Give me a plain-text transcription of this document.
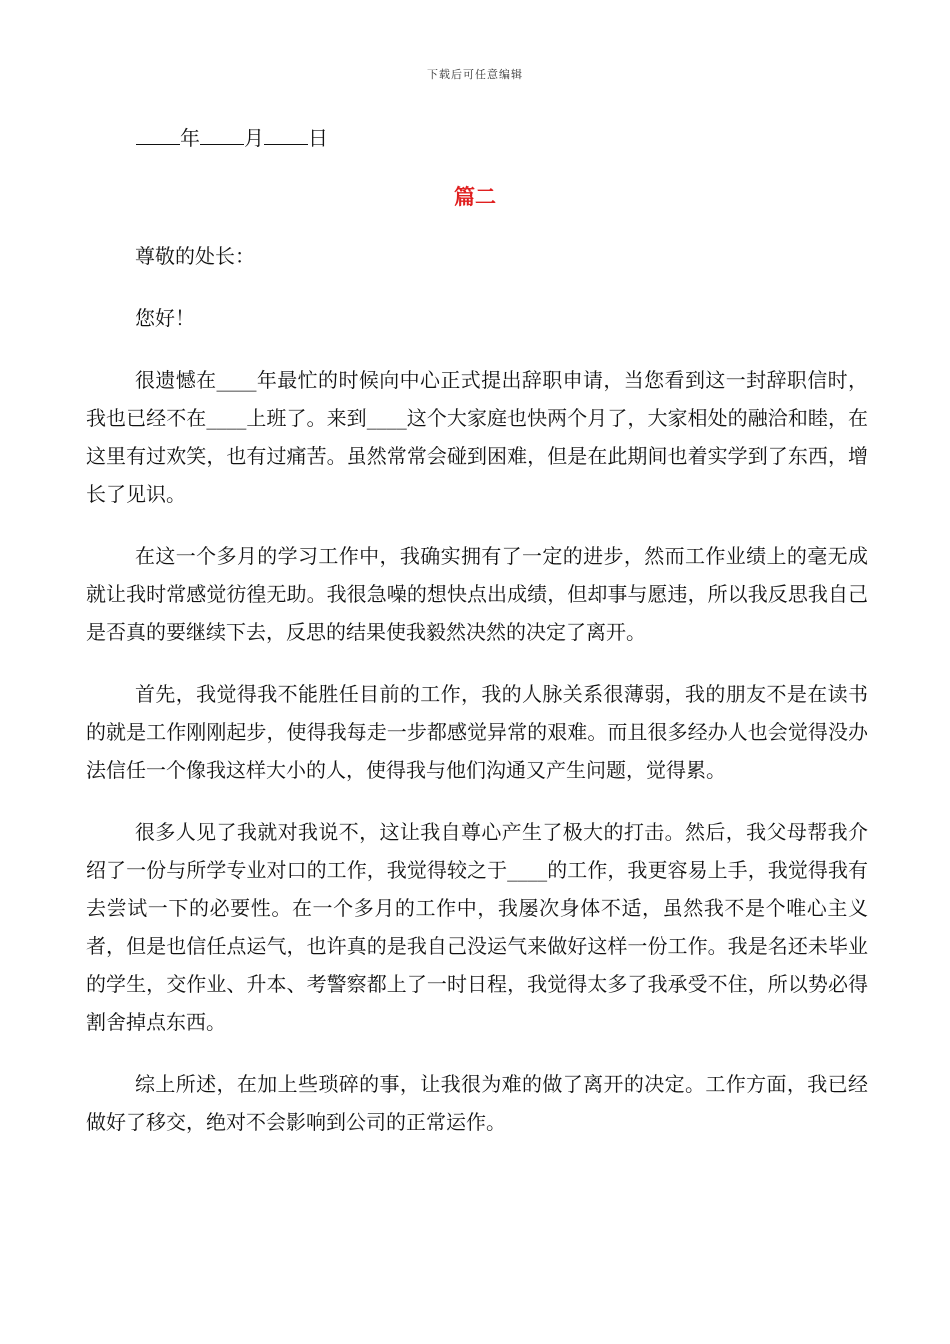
下载后可任意编辑
年 月 日
篇二

尊敬的处长：

您好！

很遗憾在____年最忙的时候向中心正式提出辞职申请，当您看到这一封辞职信时，我也已经不在____上班了。来到____这个大家庭也快两个月了，大家相处的融洽和睦，在这里有过欢笑，也有过痛苦。虽然常常会碰到困难，但是在此期间也着实学到了东西，增长了见识。

在这一个多月的学习工作中，我确实拥有了一定的进步，然而工作业绩上的毫无成就让我时常感觉彷徨无助。我很急噪的想快点出成绩，但却事与愿违，所以我反思我自己是否真的要继续下去，反思的结果使我毅然决然的决定了离开。

首先，我觉得我不能胜任目前的工作，我的人脉关系很薄弱，我的朋友不是在读书的就是工作刚刚起步，使得我每走一步都感觉异常的艰难。而且很多经办人也会觉得没办法信任一个像我这样大小的人，使得我与他们沟通又产生问题，觉得累。

很多人见了我就对我说不，这让我自尊心产生了极大的打击。然后，我父母帮我介绍了一份与所学专业对口的工作，我觉得较之于____的工作，我更容易上手，我觉得我有去尝试一下的必要性。在一个多月的工作中，我屡次身体不适，虽然我不是个唯心主义者，但是也信任点运气，也许真的是我自己没运气来做好这样一份工作。我是名还未毕业的学生，交作业、升本、考警察都上了一时日程，我觉得太多了我承受不住，所以势必得割舍掉点东西。

综上所述，在加上些琐碎的事，让我很为难的做了离开的决定。工作方面，我已经做好了移交，绝对不会影响到公司的正常运作。
